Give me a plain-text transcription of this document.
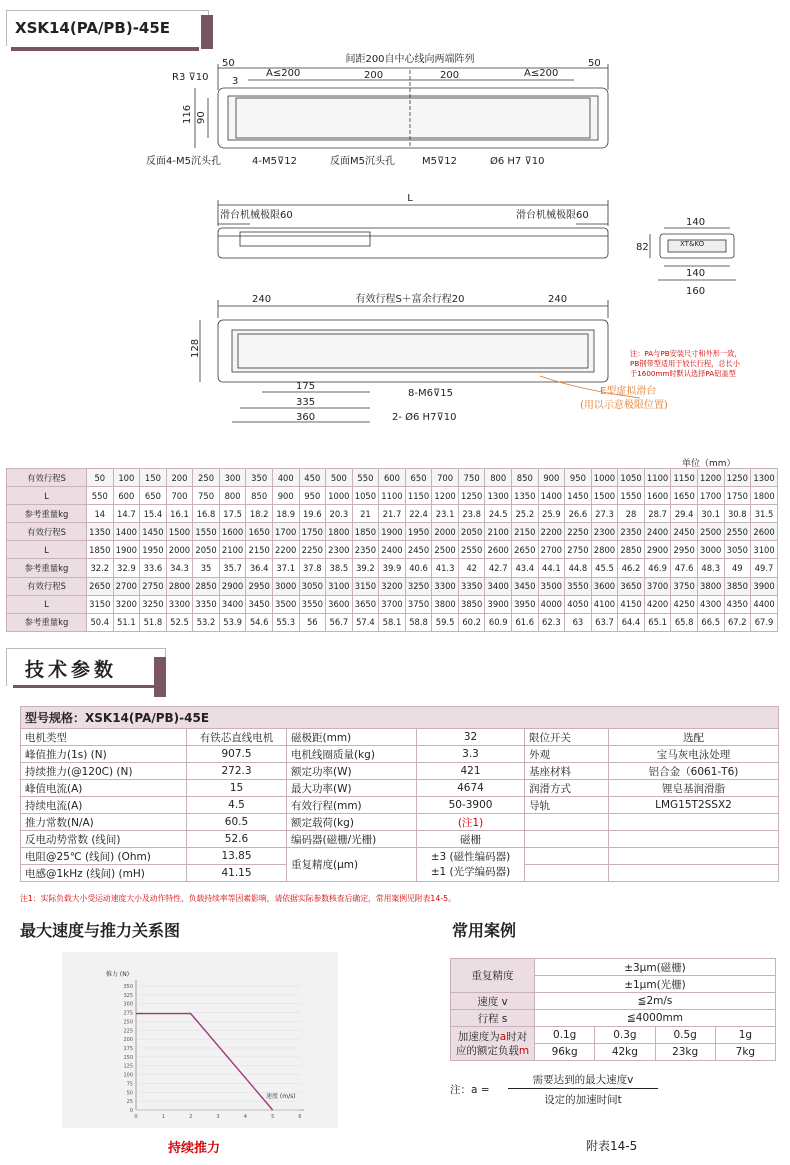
XSK14(PA/PB)-45E
间距200自中心线向两端阵列
50	50
3
R3 ⊽10	A≤200	A≤200
200	200
116 90
反面4-M5沉头孔	4-M5⊽12	反面M5沉头孔	M5⊽12	Ø6 H7 ⊽10
L
滑台机械极限60	滑台机械极限60
140
82
140
160
XT&KO
240	240
有效行程S＋富余行程20
128
175
335
360
8-M6⊽15
2- Ø6 H7⊽10
E型虚拟滑台
(用以示意极限位置)
注：PA与PB安装尺寸和外形一致，
PB钢带型适用于较长行程，总长小
于1600mm时默认选择PA铝盖型
单位（mm）
有效行程S	50	100	150	200	250	300	350	400	450	500	550	600	650	700	750	800	850	900	950	1000	1050	1100	1150	1200	1250	1300
L	550	600	650	700	750	800	850	900	950	1000	1050	1100	1150	1200	1250	1300	1350	1400	1450	1500	1550	1600	1650	1700	1750	1800
参考重量kg	14	14.7	15.4	16.1	16.8	17.5	18.2	18.9	19.6	20.3	21	21.7	22.4	23.1	23.8	24.5	25.2	25.9	26.6	27.3	28	28.7	29.4	30.1	30.8	31.5
有效行程S	1350	1400	1450	1500	1550	1600	1650	1700	1750	1800	1850	1900	1950	2000	2050	2100	2150	2200	2250	2300	2350	2400	2450	2500	2550	2600
L	1850	1900	1950	2000	2050	2100	2150	2200	2250	2300	2350	2400	2450	2500	2550	2600	2650	2700	2750	2800	2850	2900	2950	3000	3050	3100
参考重量kg	32.2	32.9	33.6	34.3	35	35.7	36.4	37.1	37.8	38.5	39.2	39.9	40.6	41.3	42	42.7	43.4	44.1	44.8	45.5	46.2	46.9	47.6	48.3	49	49.7
有效行程S	2650	2700	2750	2800	2850	2900	2950	3000	3050	3100	3150	3200	3250	3300	3350	3400	3450	3500	3550	3600	3650	3700	3750	3800	3850	3900
L	3150	3200	3250	3300	3350	3400	3450	3500	3550	3600	3650	3700	3750	3800	3850	3900	3950	4000	4050	4100	4150	4200	4250	4300	4350	4400
参考重量kg	50.4	51.1	51.8	52.5	53.2	53.9	54.6	55.3	56	56.7	57.4	58.1	58.8	59.5	60.2	60.9	61.6	62.3	63	63.7	64.4	65.1	65.8	66.5	67.2	67.9
技术参数
型号规格：XSK14(PA/PB)-45E					
电机类型	有铁芯直线电机	磁极距(mm)	32	限位开关	选配
峰值推力(1s) (N)	907.5	电机线圈质量(kg)	3.3	外观	宝马灰电泳处理
持续推力(@120C) (N)	272.3	额定功率(W)	421	基座材料	铝合金（6061-T6)
峰值电流(A)	15	最大功率(W)	4674	润滑方式	锂皂基润滑脂
持续电流(A)	4.5	有效行程(mm)	50-3900	导轨	LMG15T2SSX2
推力常数(N/A)	60.5	额定载荷(kg)	(注1)		
反电动势常数 (线间)	52.6	编码器(磁栅/光栅)	磁栅		
电阻@25℃ (线间) (Ohm)	13.85	重复精度(μm)	±3 (磁性编码器)
±1 (光学编码器)		

电感@1kHz (线间) (mH)	41.15				
注1：实际负载大小受运动速度大小及动作特性、负载持续率等因素影响，请依据实际参数核查后确定，常用案例见附表14-5。
最大速度与推力关系图
0
25
50
75
100
125
150
175
200
225
250
275
300
325
350
0	1	2	3	4	5	6
推力 (N)
速度 (m/s)
持续推力
常用案例
重复精度	±3μm(磁栅)			
	±1μm(光栅)			
速度 v	≦2m/s			
行程 s	≦4000mm			
加速度为a时对
应的额定负载m	0.1g	0.3g	0.5g	1g
	96kg	42kg	23kg	7kg
注：a =
需要达到的最大速度v
设定的加速时间t
附表14-5
